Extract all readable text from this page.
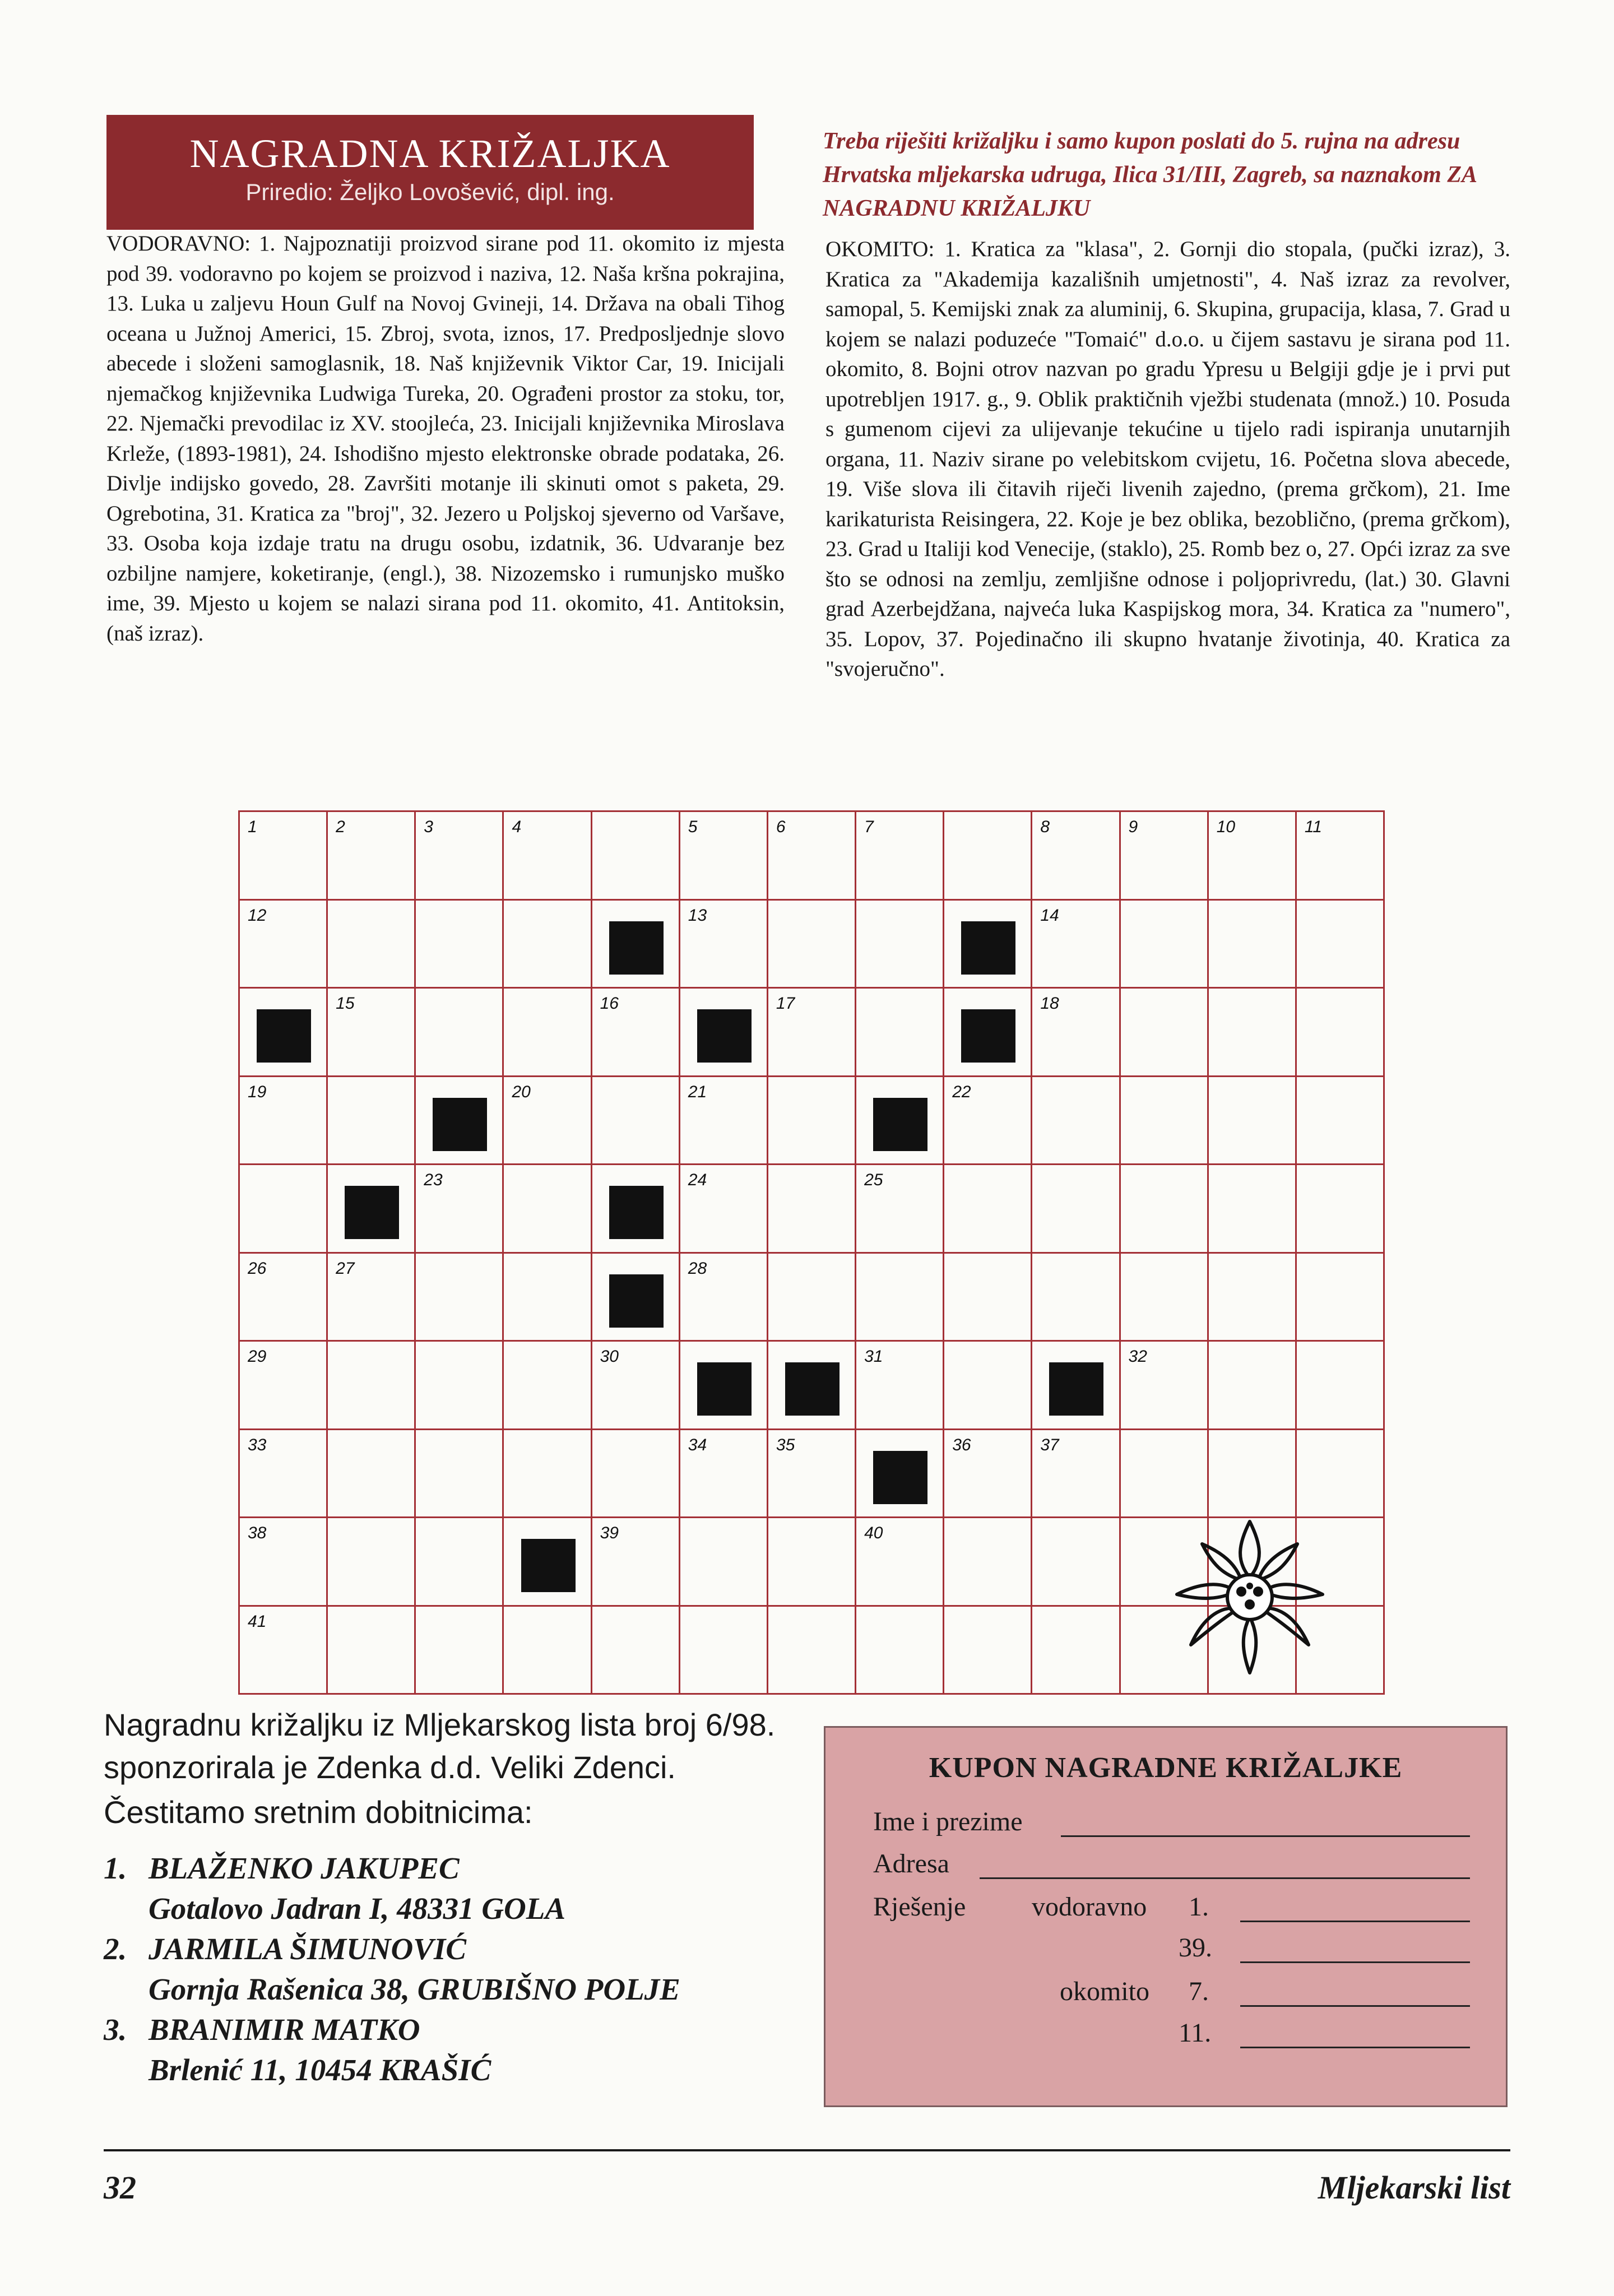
NAGRADNA KRIŽALJKA
Priredio: Željko Lovošević, dipl. ing.
Treba riješiti križaljku i samo kupon poslati do 5. rujna na adresu Hrvatska mljekarska udruga, Ilica 31/III, Zagreb, sa naznakom ZA NAGRADNU KRIŽALJKU
VODORAVNO: 1. Najpoznatiji proizvod sirane pod 11. okomito iz mjesta pod 39. vodoravno po kojem se proizvod i naziva, 12. Naša kršna pokrajina, 13. Luka u zaljevu Houn Gulf na Novoj Gvineji, 14. Država na obali Tihog oceana u Južnoj Americi, 15. Zbroj, svota, iznos, 17. Predposljednje slovo abecede i složeni samoglasnik, 18. Naš književnik Viktor Car, 19. Inicijali njemačkog književnika Ludwiga Tureka, 20. Ograđeni prostor za stoku, tor, 22. Njemački prevodilac iz XV. stoojleća, 23. Inicijali književnika Miroslava Krleže, (1893-1981), 24. Ishodišno mjesto elektronske obrade podataka, 26. Divlje indijsko govedo, 28. Završiti motanje ili skinuti omot s paketa, 29. Ogrebotina, 31. Kratica za "broj", 32. Jezero u Poljskoj sjeverno od Varšave, 33. Osoba koja izdaje tratu na drugu osobu, izdatnik, 36. Udvaranje bez ozbiljne namjere, koketiranje, (engl.), 38. Nizozemsko i rumunjsko muško ime, 39. Mjesto u kojem se nalazi sirana pod 11. okomito, 41. Antitoksin, (naš izraz).
OKOMITO: 1. Kratica za "klasa", 2. Gornji dio stopala, (pučki izraz), 3. Kratica za "Akademija kazališnih umjetnosti", 4. Naš izraz za revolver, samopal, 5. Kemijski znak za aluminij, 6. Skupina, grupacija, klasa, 7. Grad u kojem se nalazi poduzeće "Tomaić" d.o.o. u čijem sastavu je sirana pod 11. okomito, 8. Bojni otrov nazvan po gradu Ypresu u Belgiji gdje je i prvi put upotrebljen 1917. g., 9. Oblik praktičnih vježbi studenata (množ.) 10. Posuda s gumenom cijevi za ulijevanje tekućine u tijelo radi ispiranja unutarnjih organa, 11. Naziv sirane po velebitskom cvijetu, 16. Početna slova abecede, 19. Više slova ili čitavih riječi livenih zajedno, (prema grčkom), 21. Ime karikaturista Reisingera, 22. Koje je bez oblika, bezoblično, (prema grčkom), 23. Grad u Italiji kod Venecije, (staklo), 25. Romb bez o, 27. Opći izraz za sve što se odnosi na zemlju, zemljišne odnose i poljoprivredu, (lat.) 30. Glavni grad Azerbejdžana, najveća luka Kaspijskog mora, 34. Kratica za "numero", 35. Lopov, 37. Pojedinačno ili skupno hvatanje životinja, 40. Kratica za "svojeručno".
1	2	3	4	5	6	7	8	9	10	11
12	13	14
15	16	17	18
19	20	21	22
23	24	25
26	27	28
29	30	31	32
33	34	35	36	37
38	39	40
41
Nagradnu križaljku iz Mljekarskog lista broj 6/98. sponzorirala je Zdenka d.d. Veliki Zdenci.
Čestitamo sretnim dobitnicima:
1. BLAŽENKO JAKUPEC
Gotalovo Jadran I, 48331 GOLA
2. JARMILA ŠIMUNOVIĆ
Gornja Rašenica 38, GRUBIŠNO POLJE
3. BRANIMIR MATKO
Brlenić 11, 10454 KRAŠIĆ
KUPON NAGRADNE KRIŽALJKE
Ime i prezime
Adresa
Rješenje vodoravno 1.
39.
okomito 7.
11.
32	Mljekarski list
